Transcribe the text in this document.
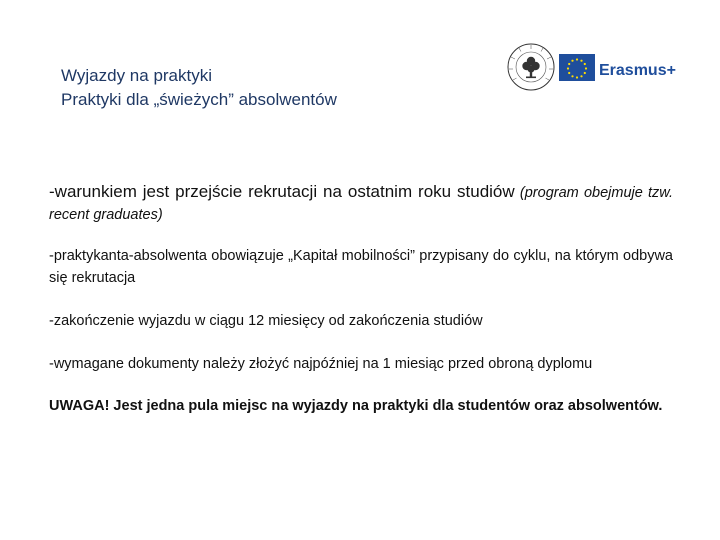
Wyjazdy na praktyki
Praktyki dla „świeżych” absolwentów
Erasmus+

-warunkiem jest przejście rekrutacji na ostatnim roku studiów (program obejmuje tzw. recent graduates)

-praktykanta-absolwenta obowiązuje „Kapitał mobilności” przypisany do cyklu, na którym odbywa się rekrutacja

-zakończenie wyjazdu w ciągu 12 miesięcy od zakończenia studiów

-wymagane dokumenty należy złożyć najpóźniej na 1 miesiąc przed obroną dyplomu

UWAGA! Jest jedna pula miejsc na wyjazdy na praktyki dla studentów oraz absolwentów.
